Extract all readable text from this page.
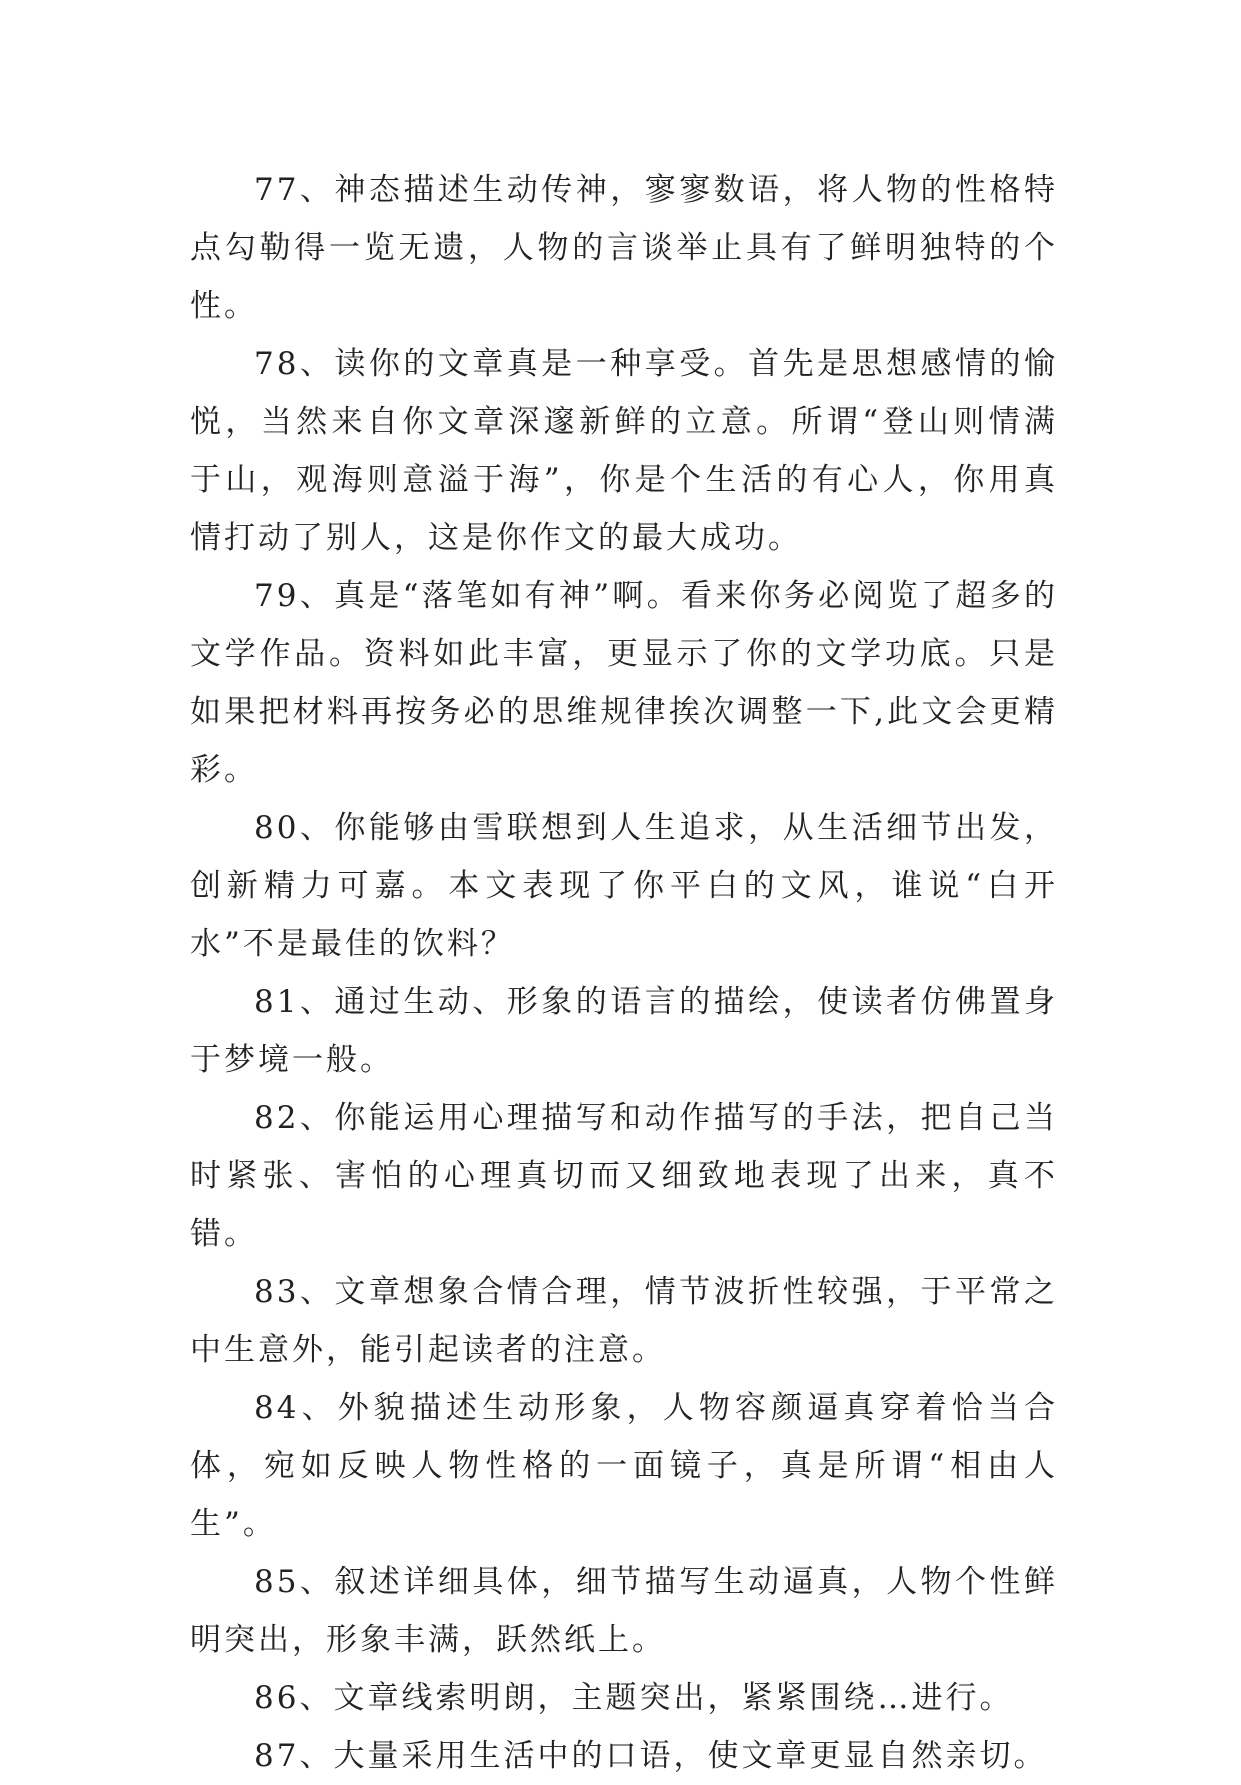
77、神态描述生动传神，寥寥数语，将人物的性格特点勾勒得一览无遗，人物的言谈举止具有了鲜明独特的个性。

78、读你的文章真是一种享受。首先是思想感情的愉悦，当然来自你文章深邃新鲜的立意。所谓“登山则情满于山，观海则意溢于海”，你是个生活的有心人，你用真情打动了别人，这是你作文的最大成功。

79、真是“落笔如有神”啊。看来你务必阅览了超多的文学作品。资料如此丰富，更显示了你的文学功底。只是如果把材料再按务必的思维规律挨次调整一下,此文会更精彩。

80、你能够由雪联想到人生追求，从生活细节出发，创新精力可嘉。本文表现了你平白的文风，谁说“白开水”不是最佳的饮料？

81、通过生动、形象的语言的描绘，使读者仿佛置身于梦境一般。

82、你能运用心理描写和动作描写的手法，把自己当时紧张、害怕的心理真切而又细致地表现了出来，真不错。

83、文章想象合情合理，情节波折性较强，于平常之中生意外，能引起读者的注意。

84、外貌描述生动形象，人物容颜逼真穿着恰当合体，宛如反映人物性格的一面镜子，真是所谓“相由人生”。

85、叙述详细具体，细节描写生动逼真，人物个性鲜明突出，形象丰满，跃然纸上。

86、文章线索明朗，主题突出，紧紧围绕…进行。

87、大量采用生活中的口语，使文章更显自然亲切。
